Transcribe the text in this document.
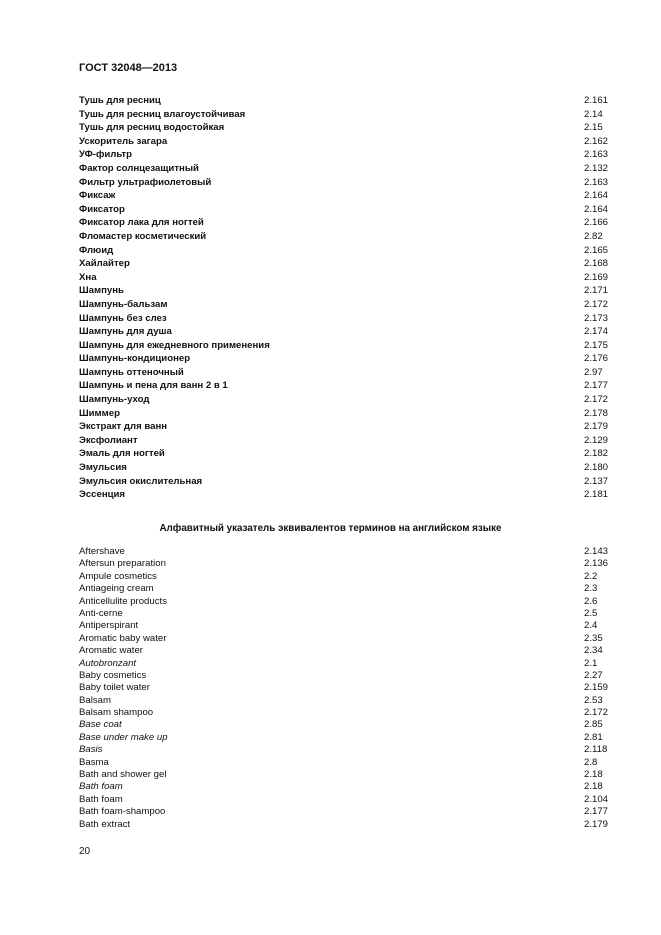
ГОСТ 32048—2013
Тушь для ресниц	2.161
Тушь для ресниц влагоустойчивая	2.14
Тушь для ресниц водостойкая	2.15
Ускоритель загара	2.162
УФ-фильтр	2.163
Фактор солнцезащитный	2.132
Фильтр ультрафиолетовый	2.163
Фиксаж	2.164
Фиксатор	2.164
Фиксатор лака для ногтей	2.166
Фломастер косметический	2.82
Флюид	2.165
Хайлайтер	2.168
Хна	2.169
Шампунь	2.171
Шампунь-бальзам	2.172
Шампунь без слез	2.173
Шампунь для душа	2.174
Шампунь для ежедневного применения	2.175
Шампунь-кондиционер	2.176
Шампунь оттеночный	2.97
Шампунь и пена для ванн 2 в 1	2.177
Шампунь-уход	2.172
Шиммер	2.178
Экстракт для ванн	2.179
Эксфолиант	2.129
Эмаль для ногтей	2.182
Эмульсия	2.180
Эмульсия окислительная	2.137
Эссенция	2.181
Алфавитный указатель эквивалентов терминов на английском языке
Aftershave	2.143
Aftersun preparation	2.136
Ampule cosmetics	2.2
Antiageing cream	2.3
Anticellulite products	2.6
Anti-cerne	2.5
Antiperspirant	2.4
Aromatic baby water	2.35
Aromatic water	2.34
Autobronzant	2.1
Baby cosmetics	2.27
Baby toilet water	2.159
Balsam	2.53
Balsam shampoo	2.172
Base coat	2.85
Base under make up	2.81
Basis	2.118
Basma	2.8
Bath and shower gel	2.18
Bath foam	2.18
Bath foam	2.104
Bath foam-shampoo	2.177
Bath extract	2.179
20
